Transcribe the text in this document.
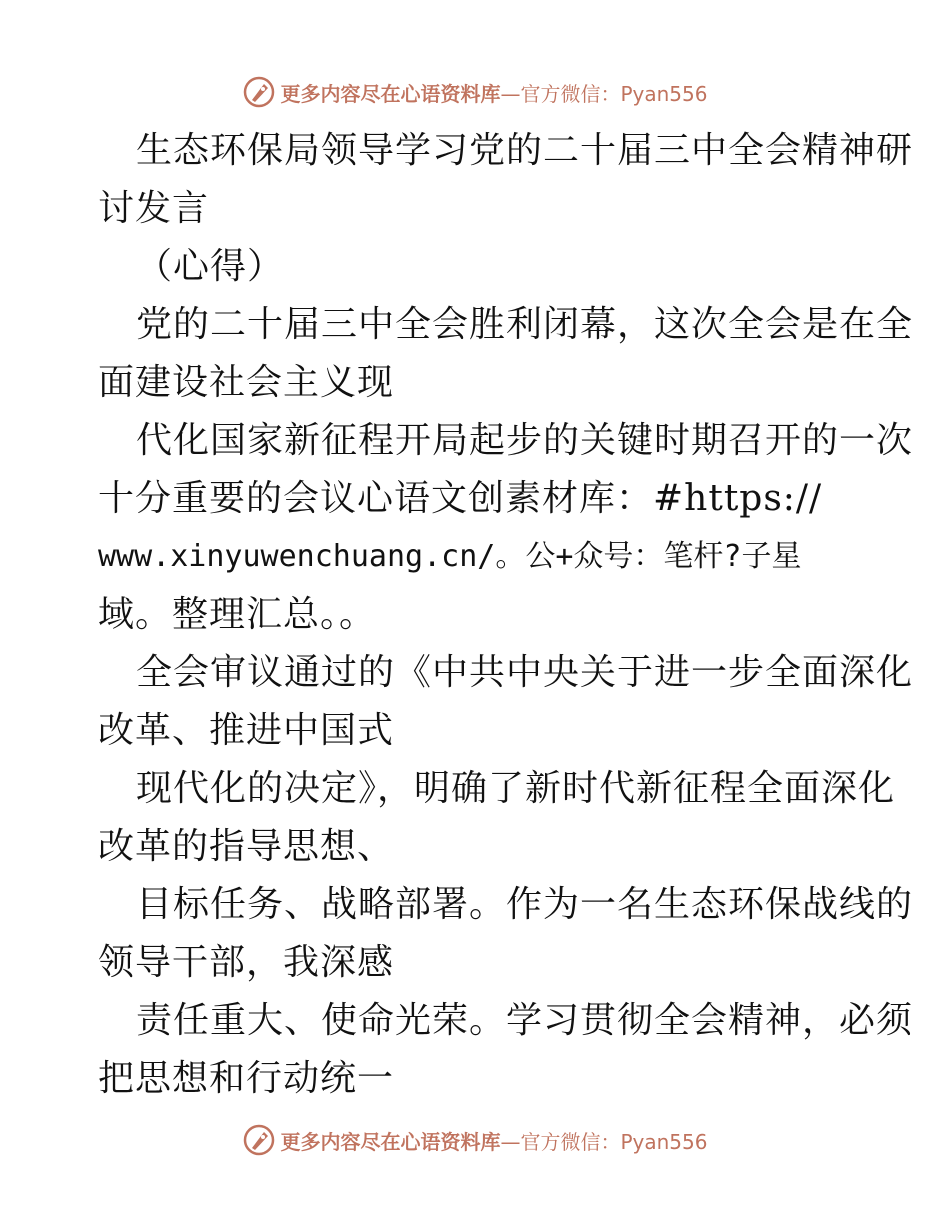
更多内容尽在心语资料库 —官方微信：Pyan556
生态环保局领导学习党的二十届三中全会精神研
讨发言
（心得）
党的二十届三中全会胜利闭幕，这次全会是在全
面建设社会主义现
代化国家新征程开局起步的关键时期召开的一次
十分重要的会议心语文创素材库：#https://
www.xinyuwenchuang.cn/。公+众号：笔杆?子星
域。整理汇总。。
全会审议通过的《中共中央关于进一步全面深化
改革、推进中国式
现代化的决定》，明确了新时代新征程全面深化
改革的指导思想、
目标任务、战略部署。作为一名生态环保战线的
领导干部，我深感
责任重大、使命光荣。学习贯彻全会精神，必须
把思想和行动统一
更多内容尽在心语资料库 —官方微信：Pyan556
